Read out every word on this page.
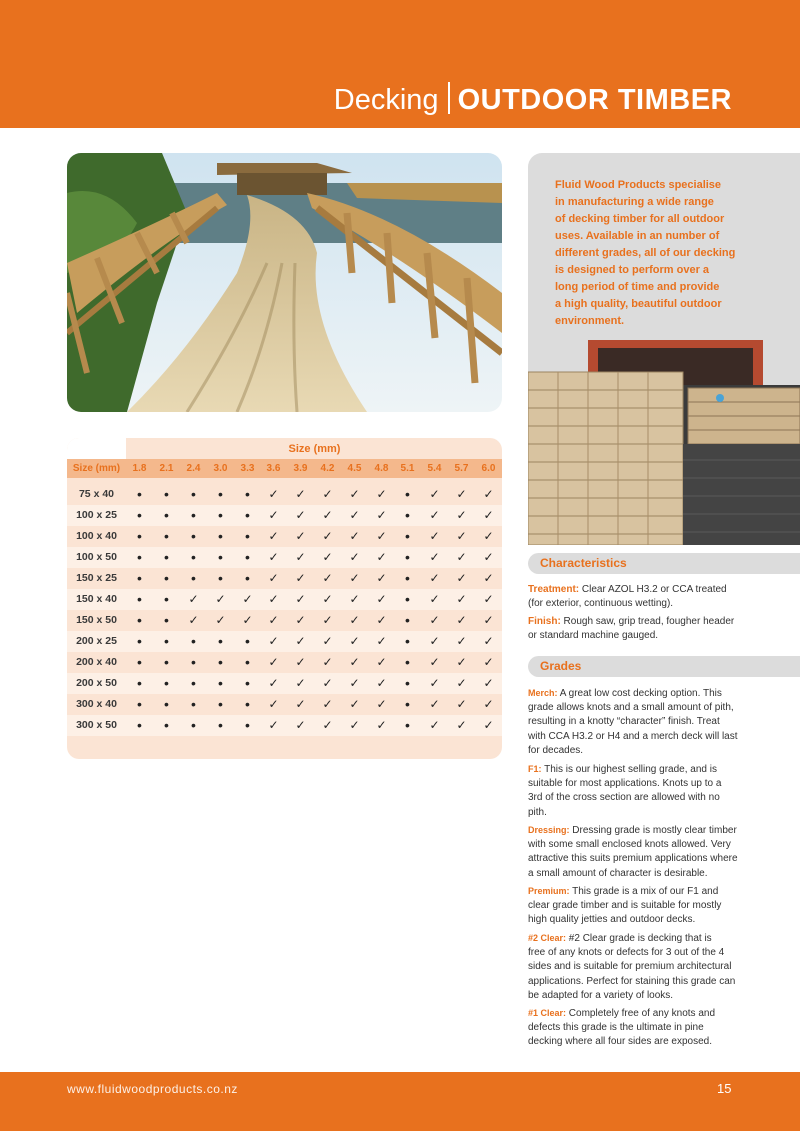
Decking OUTDOOR TIMBER
Fluid Wood Products specialise
in manufacturing a wide range
of decking timber for all outdoor
uses. Available in an number of
different grades, all of our decking
is designed to perform over a
long period of time and provide
a high quality, beautiful outdoor
environment.
Size (mm)
Size (mm)	1.8	2.1	2.4	3.0	3.3	3.6	3.9	4.2	4.5	4.8	5.1	5.4	5.7	6.0
75 x 40	•	•	•	•	•	✓	✓	✓	✓	✓	•	✓	✓	✓
100 x 25	•	•	•	•	•	✓	✓	✓	✓	✓	•	✓	✓	✓
100 x 40	•	•	•	•	•	✓	✓	✓	✓	✓	•	✓	✓	✓
100 x 50	•	•	•	•	•	✓	✓	✓	✓	✓	•	✓	✓	✓
150 x 25	•	•	•	•	•	✓	✓	✓	✓	✓	•	✓	✓	✓
150 x 40	•	•	✓	✓	✓	✓	✓	✓	✓	✓	•	✓	✓	✓
150 x 50	•	•	✓	✓	✓	✓	✓	✓	✓	✓	•	✓	✓	✓
200 x 25	•	•	•	•	•	✓	✓	✓	✓	✓	•	✓	✓	✓
200 x 40	•	•	•	•	•	✓	✓	✓	✓	✓	•	✓	✓	✓
200 x 50	•	•	•	•	•	✓	✓	✓	✓	✓	•	✓	✓	✓
300 x 40	•	•	•	•	•	✓	✓	✓	✓	✓	•	✓	✓	✓
300 x 50	•	•	•	•	•	✓	✓	✓	✓	✓	•	✓	✓	✓
Characteristics
Treatment: Clear AZOL H3.2 or CCA treated
(for exterior, continuous wetting).
Finish: Rough saw, grip tread, fougher header
or standard machine gauged.
Grades
Merch: A great low cost decking option. This
grade allows knots and a small amount of pith,
resulting in a knotty “character” finish. Treat
with CCA H3.2 or H4 and a merch deck will last
for decades.
F1: This is our highest selling grade, and is
suitable for most applications. Knots up to a
3rd of the cross section are allowed with no
pith.
Dressing: Dressing grade is mostly clear timber
with some small enclosed knots allowed. Very
attractive this suits premium applications where
a small amount of character is desirable.
Premium: This grade is a mix of our F1 and
clear grade timber and is suitable for mostly
high quality jetties and outdoor decks.
#2 Clear: #2 Clear grade is decking that is
free of any knots or defects for 3 out of the 4
sides and is suitable for premium architectural
applications. Perfect for staining this grade can
be adapted for a variety of looks.
#1 Clear: Completely free of any knots and
defects this grade is the ultimate in pine
decking where all four sides are exposed.
www.fluidwoodproducts.co.nz	15
